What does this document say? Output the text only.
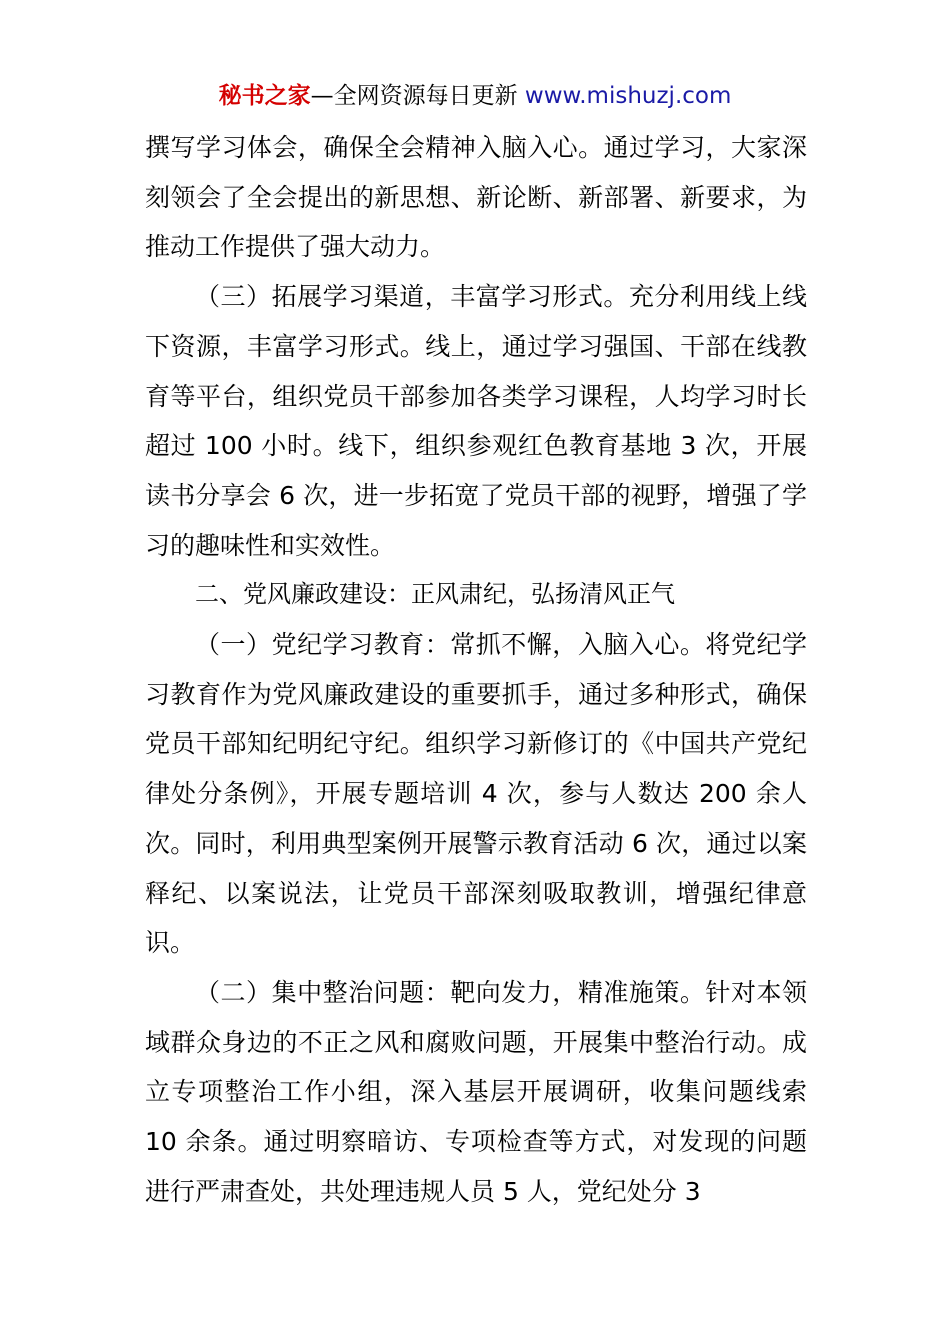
秘书之家—全网资源每日更新 www.mishuzj.com

撰写学习体会，确保全会精神入脑入心。通过学习，大家深刻领会了全会提出的新思想、新论断、新部署、新要求，为推动工作提供了强大动力。

（三）拓展学习渠道，丰富学习形式。充分利用线上线下资源，丰富学习形式。线上，通过学习强国、干部在线教育等平台，组织党员干部参加各类学习课程，人均学习时长超过 100 小时。线下，组织参观红色教育基地 3 次，开展读书分享会 6 次，进一步拓宽了党员干部的视野，增强了学习的趣味性和实效性。

二、党风廉政建设：正风肃纪，弘扬清风正气

（一）党纪学习教育：常抓不懈，入脑入心。将党纪学习教育作为党风廉政建设的重要抓手，通过多种形式，确保党员干部知纪明纪守纪。组织学习新修订的《中国共产党纪律处分条例》，开展专题培训 4 次，参与人数达 200 余人次。同时，利用典型案例开展警示教育活动 6 次，通过以案释纪、以案说法，让党员干部深刻吸取教训，增强纪律意识。

（二）集中整治问题：靶向发力，精准施策。针对本领域群众身边的不正之风和腐败问题，开展集中整治行动。成立专项整治工作小组，深入基层开展调研，收集问题线索 10 余条。通过明察暗访、专项检查等方式，对发现的问题进行严肃查处，共处理违规人员 5 人，党纪处分 3
